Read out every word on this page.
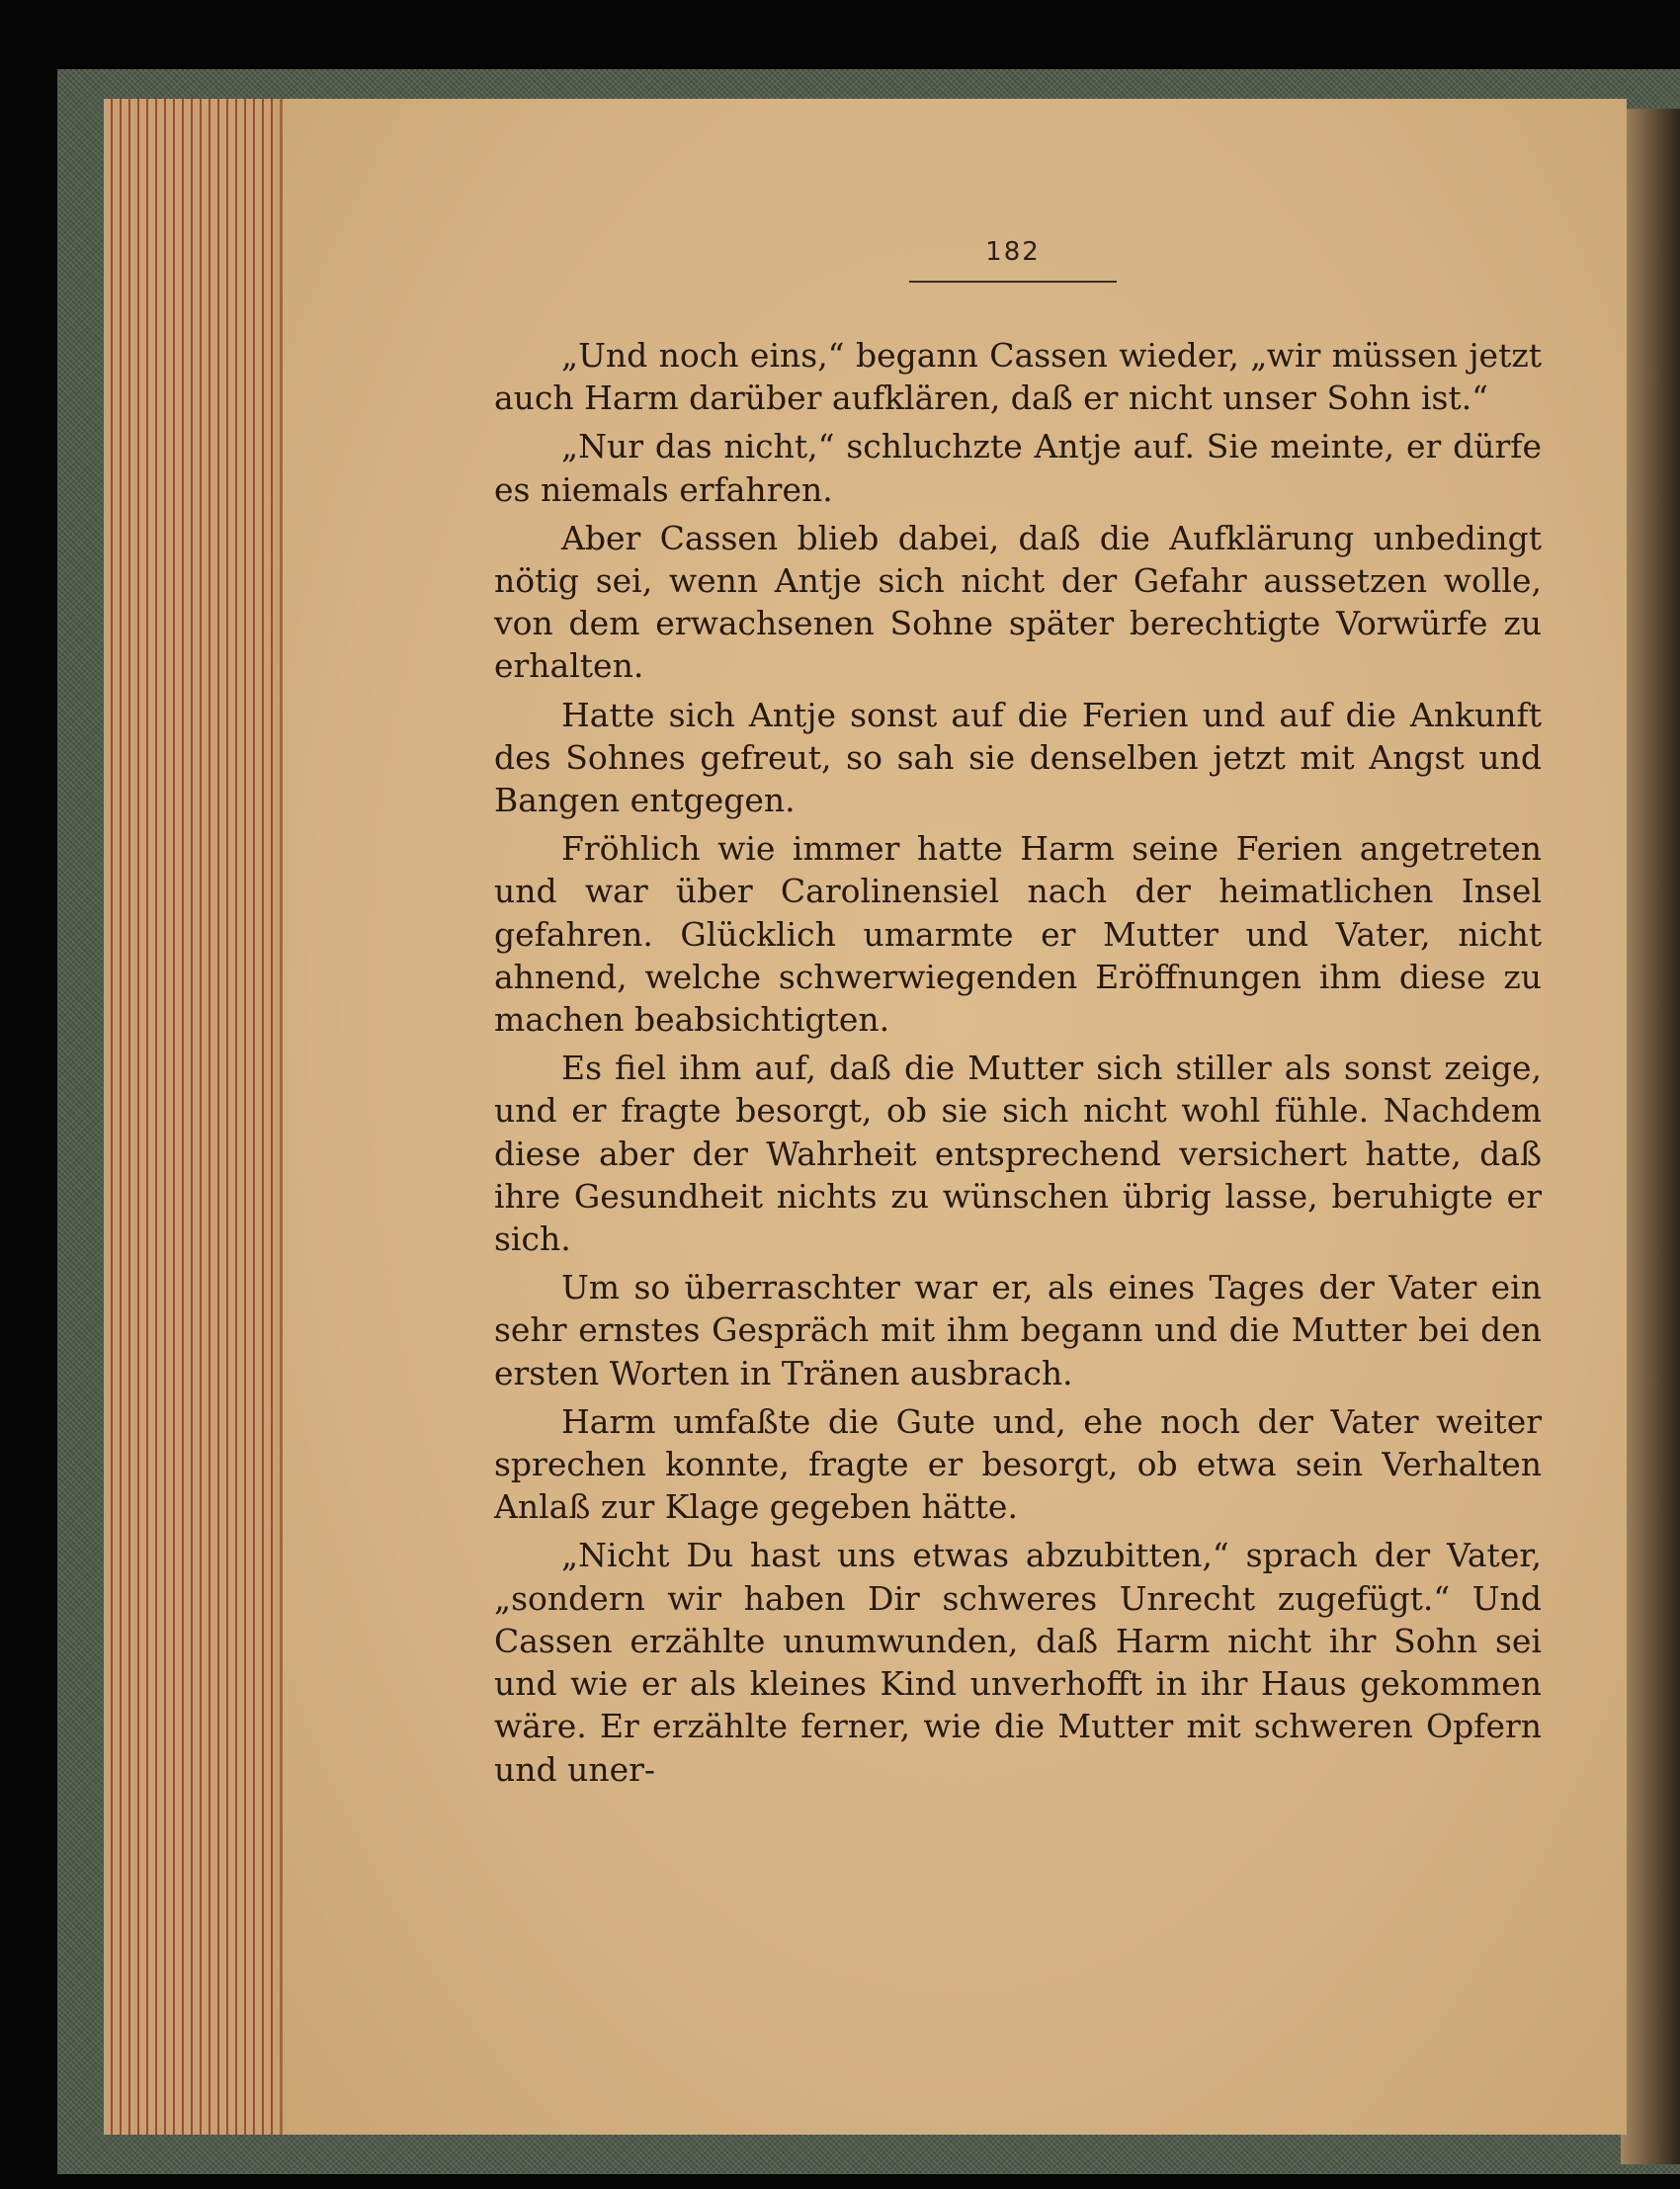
182

„Und noch eins,“ begann Cassen wieder, „wir müssen jetzt auch Harm darüber aufklären, daß er nicht unser Sohn ist.“

„Nur das nicht,“ schluchzte Antje auf. Sie meinte, er dürfe es niemals erfahren.

Aber Cassen blieb dabei, daß die Aufklärung unbedingt nötig sei, wenn Antje sich nicht der Gefahr aussetzen wolle, von dem erwachsenen Sohne später berechtigte Vorwürfe zu erhalten.

Hatte sich Antje sonst auf die Ferien und auf die Ankunft des Sohnes gefreut, so sah sie denselben jetzt mit Angst und Bangen entgegen.

Fröhlich wie immer hatte Harm seine Ferien angetreten und war über Carolinensiel nach der heimatlichen Insel gefahren. Glücklich umarmte er Mutter und Vater, nicht ahnend, welche schwerwiegenden Eröffnungen ihm diese zu machen beabsichtigten.

Es fiel ihm auf, daß die Mutter sich stiller als sonst zeige, und er fragte besorgt, ob sie sich nicht wohl fühle. Nachdem diese aber der Wahrheit entsprechend versichert hatte, daß ihre Gesundheit nichts zu wünschen übrig lasse, beruhigte er sich.

Um so überraschter war er, als eines Tages der Vater ein sehr ernstes Gespräch mit ihm begann und die Mutter bei den ersten Worten in Tränen ausbrach.

Harm umfaßte die Gute und, ehe noch der Vater weiter sprechen konnte, fragte er besorgt, ob etwa sein Verhalten Anlaß zur Klage gegeben hätte.

„Nicht Du hast uns etwas abzubitten,“ sprach der Vater, „sondern wir haben Dir schweres Unrecht zugefügt.“ Und Cassen erzählte unumwunden, daß Harm nicht ihr Sohn sei und wie er als kleines Kind unverhofft in ihr Haus gekommen wäre. Er erzählte ferner, wie die Mutter mit schweren Opfern und uner-
